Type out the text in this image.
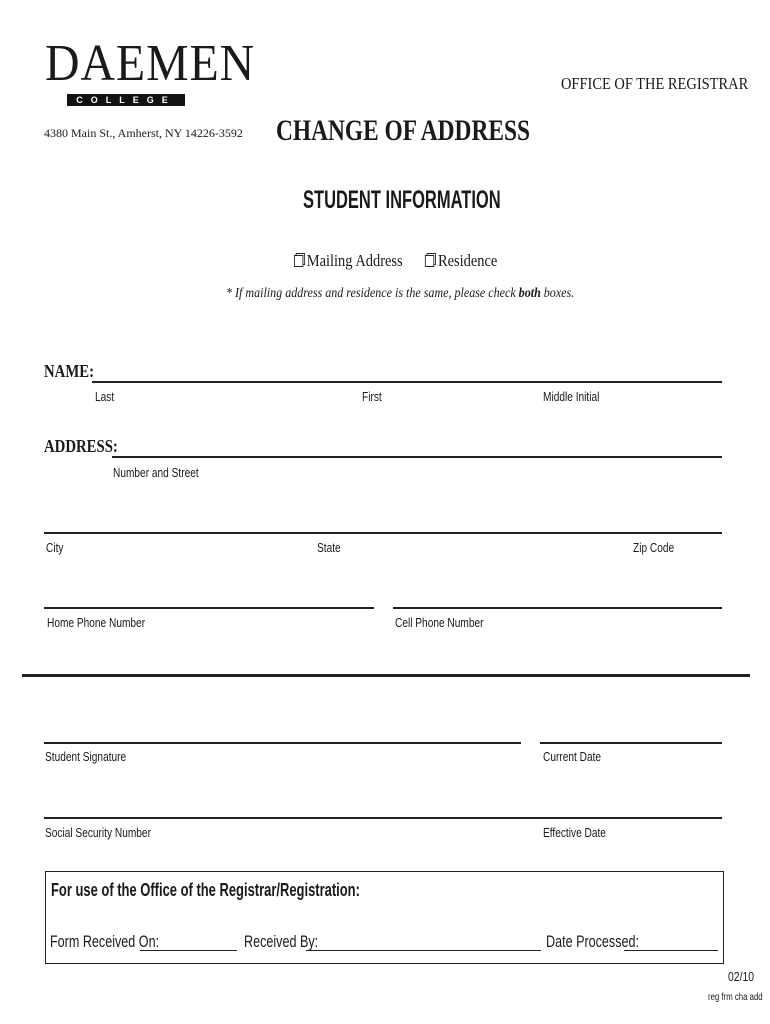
DAEMEN
COLLEGE
4380 Main St., Amherst, NY 14226-3592
OFFICE OF THE REGISTRAR
CHANGE OF ADDRESS
STUDENT INFORMATION
Mailing Address Residence
* If mailing address and residence is the same, please check both boxes.
NAME:
Last	First	Middle Initial
ADDRESS:
Number and Street
City	State	Zip Code
Home Phone Number	Cell Phone Number
Student Signature	Current Date
Social Security Number	Effective Date
For use of the Office of the Registrar/Registration:
Form Received On:	Received By:	Date Processed:
02/10
reg frm cha add
